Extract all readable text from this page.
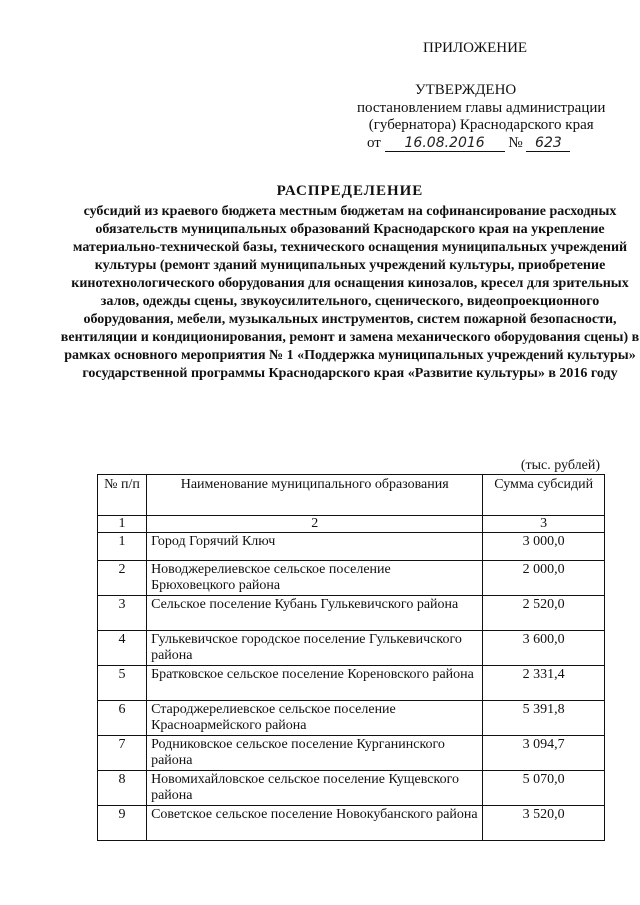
ПРИЛОЖЕНИЕ
УТВЕРЖДЕНО
постановлением главы администрации
(губернатора) Краснодарского края
от 16.08.2016 № 623
РАСПРЕДЕЛЕНИЕ
субсидий из краевого бюджета местным бюджетам на софинансирование расходных обязательств муниципальных образований Краснодарского края на укрепление материально-технической базы, технического оснащения муниципальных учреждений культуры (ремонт зданий муниципальных учреждений культуры, приобретение кинотехнологического оборудования для оснащения кинозалов, кресел для зрительных залов, одежды сцены, звукоусилительного, сценического, видеопроекционного оборудования, мебели, музыкальных инструментов, систем пожарной безопасности, вентиляции и кондиционирования, ремонт и замена механического оборудования сцены) в рамках основного мероприятия № 1 «Поддержка муниципальных учреждений культуры» государственной программы Краснодарского края «Развитие культуры» в 2016 году
(тыс. рублей)
№ п/п	Наименование муниципального образования	Сумма субсидий
1	2	3
1	Город Горячий Ключ	3 000,0
2	Новоджерелиевское сельское поселение Брюховецкого района	2 000,0
3	Сельское поселение Кубань Гулькевичского района	2 520,0
4	Гулькевичское городское поселение Гулькевичского района	3 600,0
5	Братковское сельское поселение Кореновского района	2 331,4
6	Староджерелиевское сельское поселение Красноармейского района	5 391,8
7	Родниковское сельское поселение Курганинского района	3 094,7
8	Новомихайловское сельское поселение Кущевского района	5 070,0
9	Советское сельское поселение Новокубанского района	3 520,0
